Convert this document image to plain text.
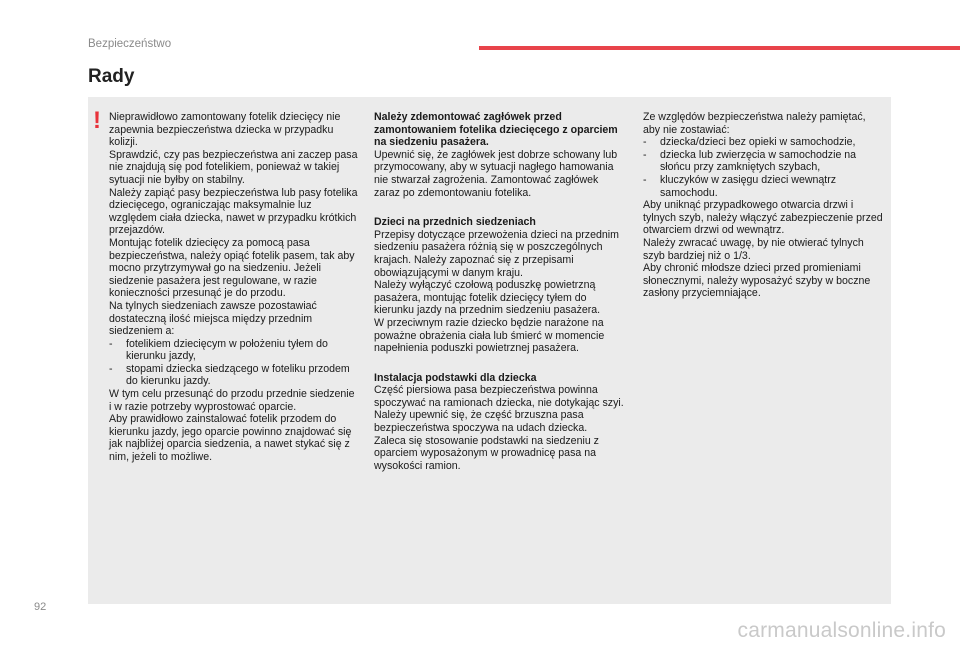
Bezpieczeństwo
Rady
! Nieprawidłowo zamontowany fotelik dziecięcy nie zapewnia bezpieczeństwa dziecka w przypadku kolizji.

Sprawdzić, czy pas bezpieczeństwa ani zaczep pasa nie znajdują się pod fotelikiem, ponieważ w takiej sytuacji nie byłby on stabilny.

Należy zapiąć pasy bezpieczeństwa lub pasy fotelika dziecięcego, ograniczając maksymalnie luz względem ciała dziecka, nawet w przypadku krótkich przejazdów.

Montując fotelik dziecięcy za pomocą pasa bezpieczeństwa, należy opiąć fotelik pasem, tak aby mocno przytrzymywał go na siedzeniu. Jeżeli siedzenie pasażera jest regulowane, w razie konieczności przesunąć je do przodu.

Na tylnych siedzeniach zawsze pozostawiać dostateczną ilość miejsca między przednim siedzeniem a:

-	fotelikiem dziecięcym w położeniu tyłem do kierunku jazdy,
-	stopami dziecka siedzącego w foteliku przodem do kierunku jazdy.

W tym celu przesunąć do przodu przednie siedzenie i w razie potrzeby wyprostować oparcie.

Aby prawidłowo zainstalować fotelik przodem do kierunku jazdy, jego oparcie powinno znajdować się jak najbliżej oparcia siedzenia, a nawet stykać się z nim, jeżeli to możliwe.

Należy zdemontować zagłówek przed zamontowaniem fotelika dziecięcego z oparciem na siedzeniu pasażera.

Upewnić się, że zagłówek jest dobrze schowany lub przymocowany, aby w sytuacji nagłego hamowania nie stwarzał zagrożenia. Zamontować zagłówek zaraz po zdemontowaniu fotelika.

Dzieci na przednich siedzeniach

Przepisy dotyczące przewożenia dzieci na przednim siedzeniu pasażera różnią się w poszczególnych krajach. Należy zapoznać się z przepisami obowiązującymi w danym kraju.

Należy wyłączyć czołową poduszkę powietrzną pasażera, montując fotelik dziecięcy tyłem do kierunku jazdy na przednim siedzeniu pasażera.

W przeciwnym razie dziecko będzie narażone na poważne obrażenia ciała lub śmierć w momencie napełnienia poduszki powietrznej pasażera.

Instalacja podstawki dla dziecka

Część piersiowa pasa bezpieczeństwa powinna spoczywać na ramionach dziecka, nie dotykając szyi.

Należy upewnić się, że część brzuszna pasa bezpieczeństwa spoczywa na udach dziecka.

Zaleca się stosowanie podstawki na siedzeniu z oparciem wyposażonym w prowadnicę pasa na wysokości ramion.

Ze względów bezpieczeństwa należy pamiętać, aby nie zostawiać:

-	dziecka/dzieci bez opieki w samochodzie,
-	dziecka lub zwierzęcia w samochodzie na słońcu przy zamkniętych szybach,
-	kluczyków w zasięgu dzieci wewnątrz samochodu.

Aby uniknąć przypadkowego otwarcia drzwi i tylnych szyb, należy włączyć zabezpieczenie przed otwarciem drzwi od wewnątrz.

Należy zwracać uwagę, by nie otwierać tylnych szyb bardziej niż o 1/3.

Aby chronić młodsze dzieci przed promieniami słonecznymi, należy wyposażyć szyby w boczne zasłony przyciemniające.

92
carmanualsonline.info
